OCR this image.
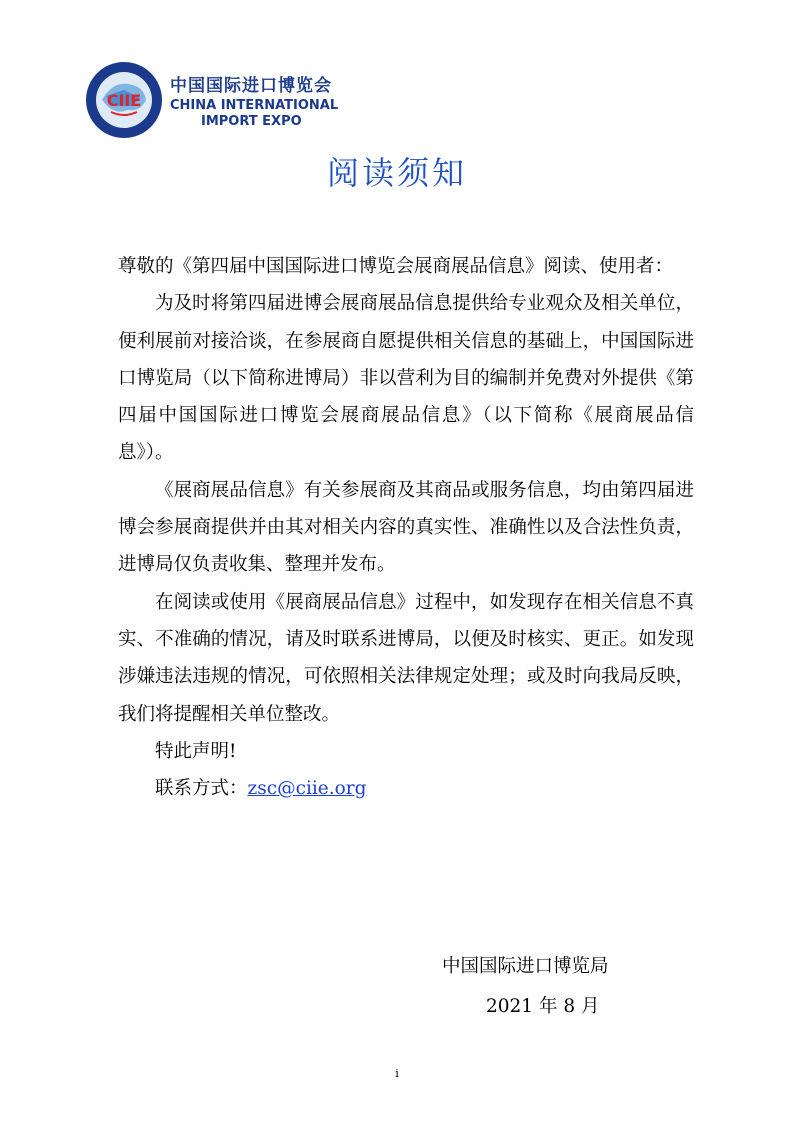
CIIE
中国国际进口博览会
CHINA INTERNATIONAL
IMPORT EXPO
阅读须知

尊敬的《第四届中国国际进口博览会展商展品信息》阅读、使用者：

为及时将第四届进博会展商展品信息提供给专业观众及相关单位，便利展前对接洽谈，在参展商自愿提供相关信息的基础上，中国国际进口博览局（以下简称进博局）非以营利为目的编制并免费对外提供《第四届中国国际进口博览会展商展品信息》（以下简称《展商展品信息》）。

《展商展品信息》有关参展商及其商品或服务信息，均由第四届进博会参展商提供并由其对相关内容的真实性、准确性以及合法性负责，进博局仅负责收集、整理并发布。

在阅读或使用《展商展品信息》过程中，如发现存在相关信息不真实、不准确的情况，请及时联系进博局，以便及时核实、更正。如发现涉嫌违法违规的情况，可依照相关法律规定处理；或及时向我局反映，我们将提醒相关单位整改。

特此声明!

联系方式：zsc@ciie.org

中国国际进口博览局
2021 年 8 月
i
